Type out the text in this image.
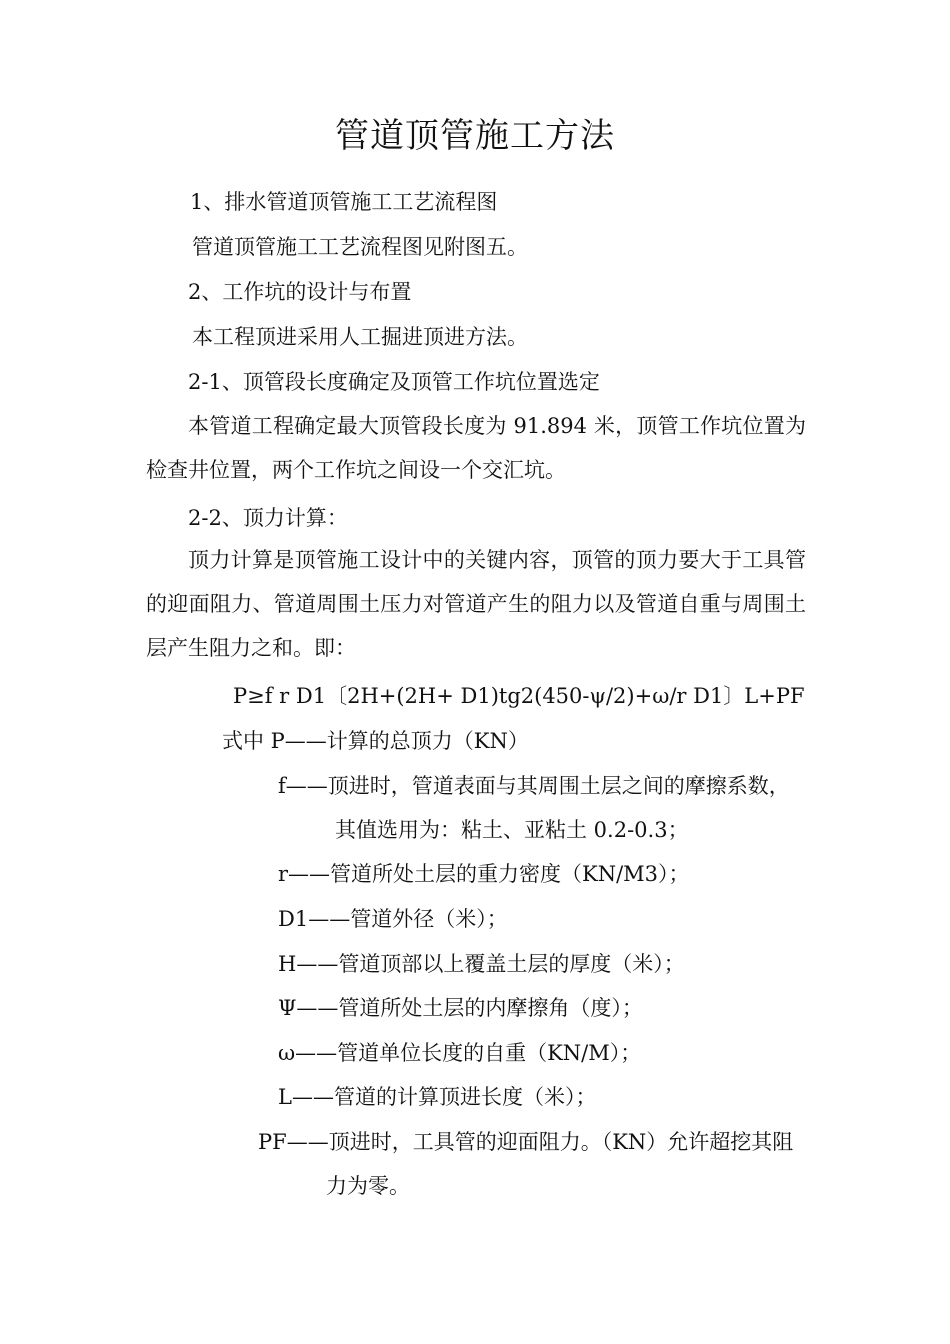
管道顶管施工方法
1、排水管道顶管施工工艺流程图
管道顶管施工工艺流程图见附图五。
2、工作坑的设计与布置
本工程顶进采用人工掘进顶进方法。
2-1、顶管段长度确定及顶管工作坑位置选定
本管道工程确定最大顶管段长度为 91.894 米，顶管工作坑位置为检查井位置，两个工作坑之间设一个交汇坑。
2-2、顶力计算：
顶力计算是顶管施工设计中的关键内容，顶管的顶力要大于工具管的迎面阻力、管道周围土压力对管道产生的阻力以及管道自重与周围土层产生阻力之和。即：
P≥f r D1〔2H+(2H+ D1)tg2(450-ψ/2)+ω/r D1〕L+PF
式中 P——计算的总顶力（KN）
f——顶进时，管道表面与其周围土层之间的摩擦系数，
其值选用为：粘土、亚粘土 0.2-0.3；
r——管道所处土层的重力密度（KN/M3）；
D1——管道外径（米）；
H——管道顶部以上覆盖土层的厚度（米）；
Ψ——管道所处土层的内摩擦角（度）；
ω——管道单位长度的自重（KN/M）；
L——管道的计算顶进长度（米）；
PF——顶进时，工具管的迎面阻力。（KN）允许超挖其阻
力为零。
